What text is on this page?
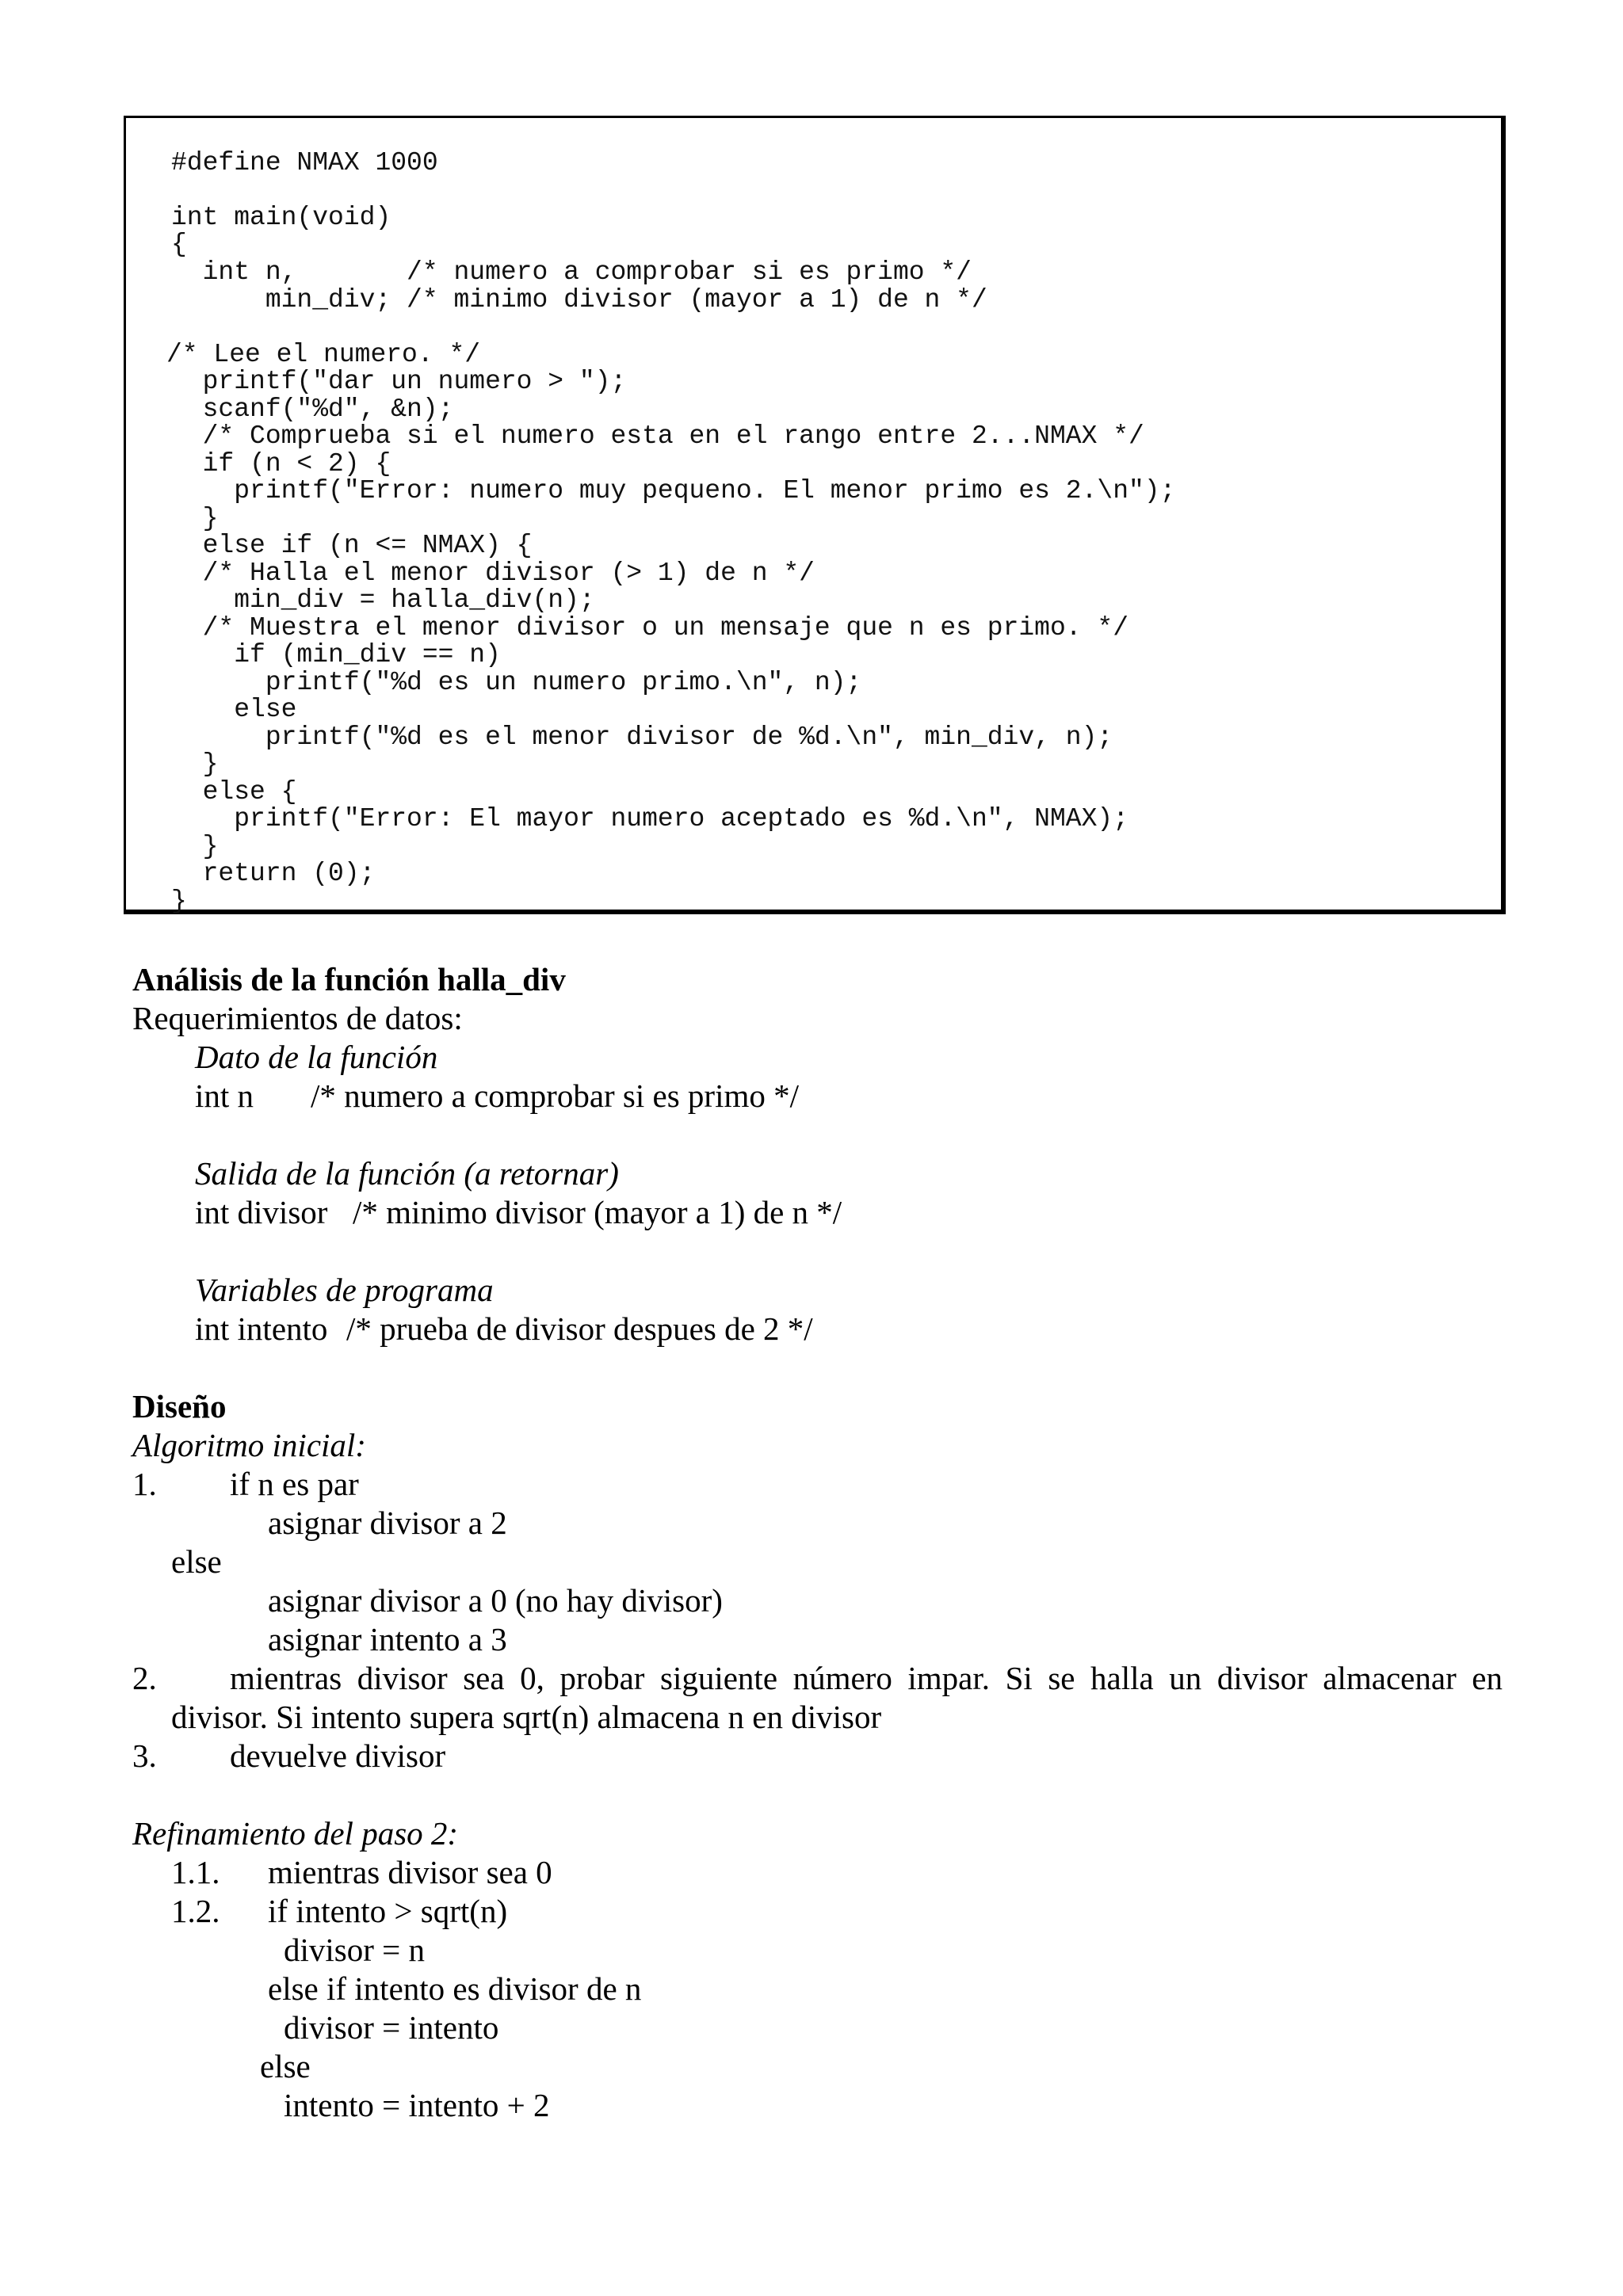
#define NMAX 1000
int main(void)
{
int n,       /* numero a comprobar si es primo */
min_div; /* minimo divisor (mayor a 1) de n */
/* Lee el numero. */
printf("dar un numero > ");
scanf("%d", &n);
/* Comprueba si el numero esta en el rango entre 2...NMAX */
if (n < 2) {
printf("Error: numero muy pequeno. El menor primo es 2.\n");
}
else if (n <= NMAX) {
/* Halla el menor divisor (> 1) de n */
min_div = halla_div(n);
/* Muestra el menor divisor o un mensaje que n es primo. */
if (min_div == n)
printf("%d es un numero primo.\n", n);
else
printf("%d es el menor divisor de %d.\n", min_div, n);
}
else {
printf("Error: El mayor numero aceptado es %d.\n", NMAX);
}
return (0);
}
Análisis de la función halla_div
Requerimientos de datos:
Dato de la función
int n /* numero a comprobar si es primo */
Salida de la función (a retornar)
int divisor /* minimo divisor (mayor a 1) de n */
Variables de programa
int intento /* prueba de divisor despues de 2 */
Diseño
Algoritmo inicial:
1. if n es par
asignar divisor a 2
else
asignar divisor a 0 (no hay divisor)
asignar intento a 3
2. mientras divisor sea 0, probar siguiente número impar. Si se halla un divisor almacenar en
divisor. Si intento supera sqrt(n) almacena n en divisor
3. devuelve divisor
Refinamiento del paso 2:
1.1. mientras divisor sea 0
1.2. if intento > sqrt(n)
divisor = n
else if intento es divisor de n
divisor = intento
else
intento = intento + 2
